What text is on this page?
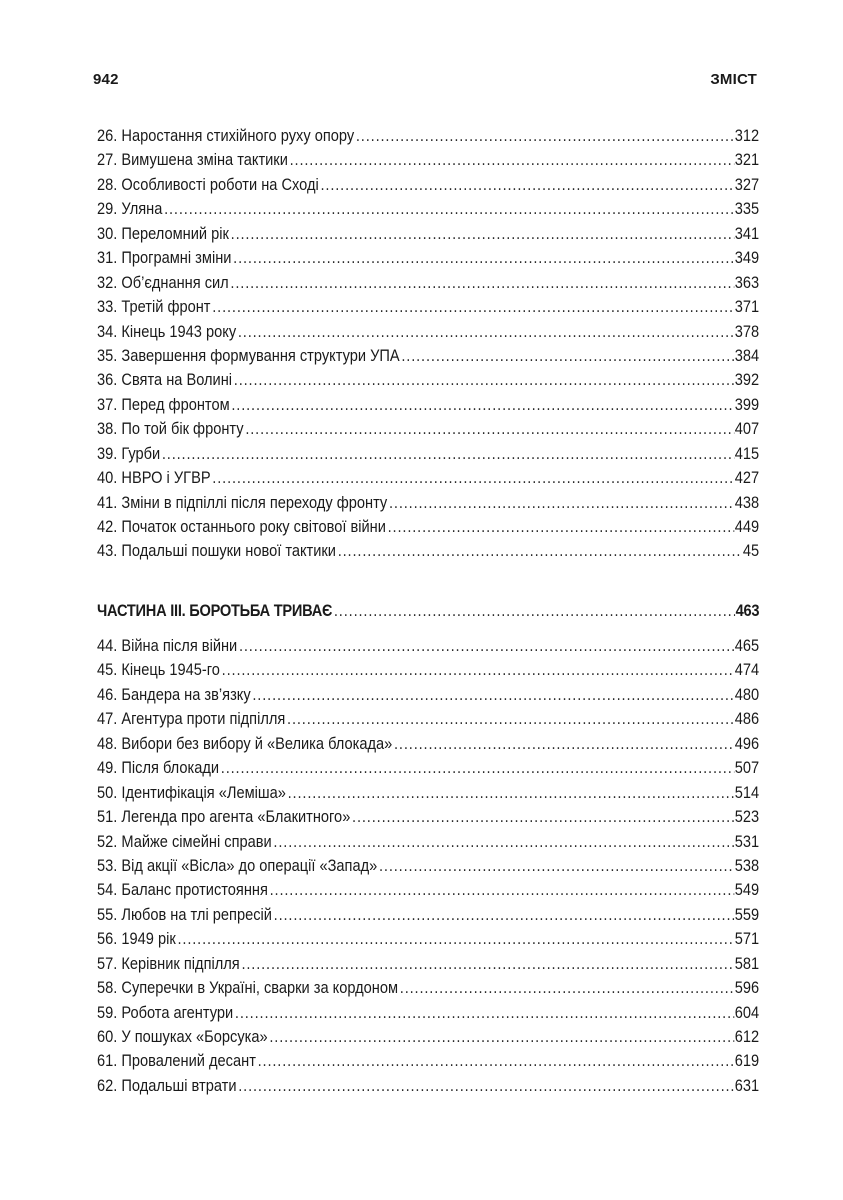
942	ЗМІСТ
26. Наростання стихійного руху опору .....	312
27. Вимушена зміна тактики .....	321
28. Особливості роботи на Сході .....	327
29. Уляна .....	335
30. Переломний рік .....	341
31. Програмні зміни .....	349
32. Об’єднання сил .....	363
33. Третій фронт .....	371
34. Кінець 1943 року .....	378
35. Завершення формування структури УПА .....	384
36. Свята на Волині .....	392
37. Перед фронтом .....	399
38. По той бік фронту .....	407
39. Гурби .....	415
40. НВРО і УГВР .....	427
41. Зміни в підпіллі після переходу фронту .....	438
42. Початок останнього року світової війни .....	449
43. Подальші пошуки нової тактики .....	45
ЧАСТИНА III. БОРОТЬБА ТРИВАЄ .....	463
44. Війна після війни .....	465
45. Кінець 1945-го .....	474
46. Бандера на зв’язку .....	480
47. Агентура проти підпілля .....	486
48. Вибори без вибору й «Велика блокада» .....	496
49. Після блокади .....	507
50. Ідентифікація «Леміша» .....	514
51. Легенда про агента «Блакитного» .....	523
52. Майже сімейні справи .....	531
53. Від акції «Вісла» до операції «Запад» .....	538
54. Баланс протистояння .....	549
55. Любов на тлі репресій .....	559
56. 1949 рік .....	571
57. Керівник підпілля .....	581
58. Суперечки в Україні, сварки за кордоном .....	596
59. Робота агентури .....	604
60. У пошуках «Борсука» .....	612
61. Провалений десант .....	619
62. Подальші втрати .....	631
